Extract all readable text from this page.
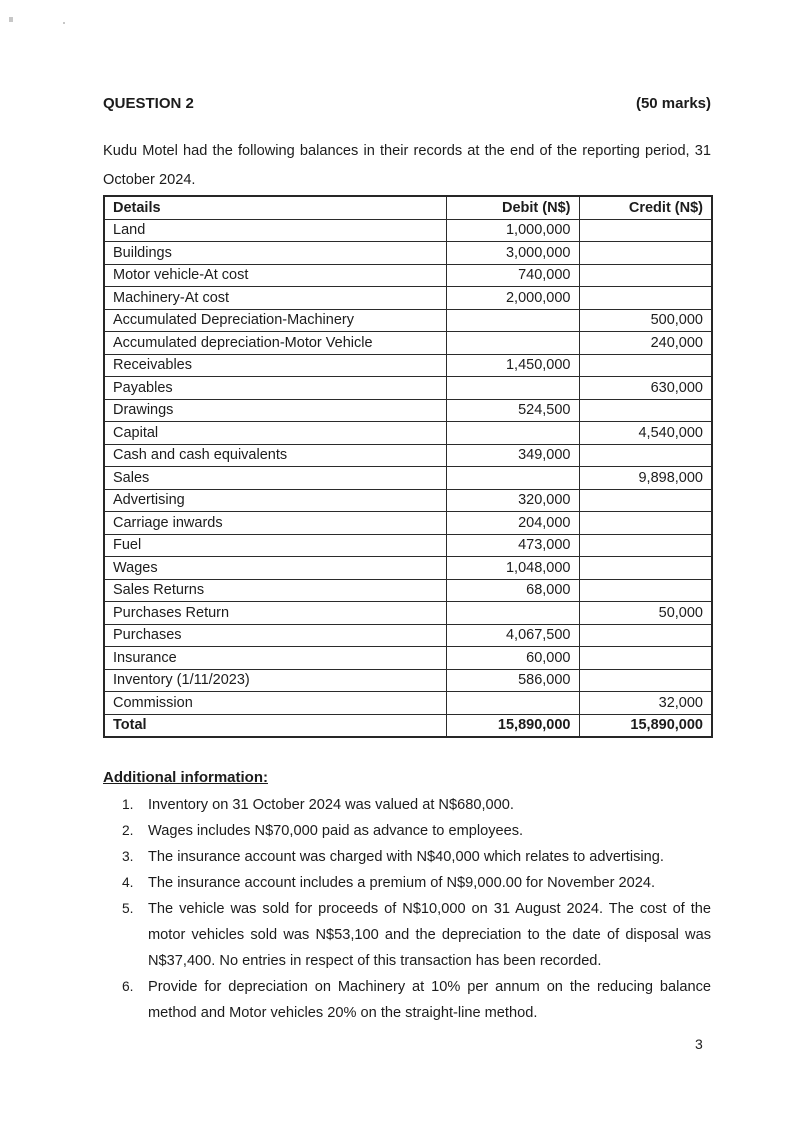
QUESTION 2	(50 marks)

Kudu Motel had the following balances in their records at the end of the reporting period, 31 October 2024.

Details	Debit (N$)	Credit (N$)
Land	1,000,000	
Buildings	3,000,000	
Motor vehicle-At cost	740,000	
Machinery-At cost	2,000,000	
Accumulated Depreciation-Machinery		500,000
Accumulated depreciation-Motor Vehicle		240,000
Receivables	1,450,000	
Payables		630,000
Drawings	524,500	
Capital		4,540,000
Cash and cash equivalents	349,000	
Sales		9,898,000
Advertising	320,000	
Carriage inwards	204,000	
Fuel	473,000	
Wages	1,048,000	
Sales Returns	68,000	
Purchases Return		50,000
Purchases	4,067,500	
Insurance	60,000	
Inventory (1/11/2023)	586,000	
Commission		32,000
Total	15,890,000	15,890,000
Additional information:
1. Inventory on 31 October 2024 was valued at N$680,000.
2. Wages includes N$70,000 paid as advance to employees.
3. The insurance account was charged with N$40,000 which relates to advertising.
4. The insurance account includes a premium of N$9,000.00 for November 2024.
5. The vehicle was sold for proceeds of N$10,000 on 31 August 2024. The cost of the motor vehicles sold was N$53,100 and the depreciation to the date of disposal was N$37,400. No entries in respect of this transaction has been recorded.
6. Provide for depreciation on Machinery at 10% per annum on the reducing balance method and Motor vehicles 20% on the straight-line method.
3
